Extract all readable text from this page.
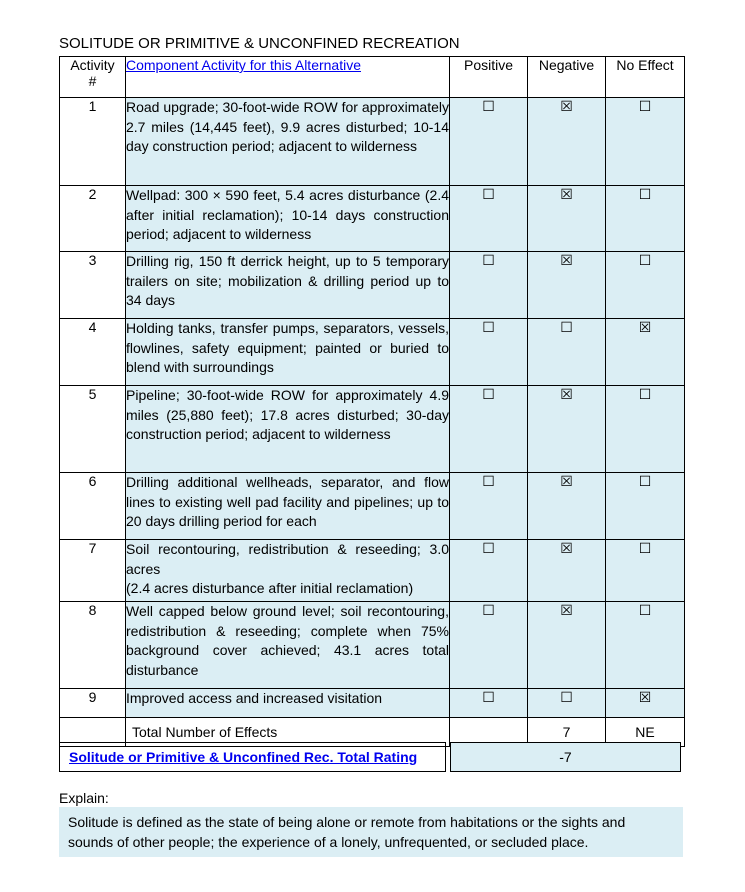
SOLITUDE OR PRIMITIVE & UNCONFINED RECREATION
Activity
#	Component Activity for this Alternative	Positive	Negative	No Effect
1	Road upgrade; 30-foot-wide ROW for approximately 2.7 miles (14,445 feet), 9.9 acres disturbed; 10-14 day construction period; adjacent to wilderness	☐	☒	☐
2	Wellpad: 300 × 590 feet, 5.4 acres disturbance (2.4 after initial reclamation); 10-14 days construction period; adjacent to wilderness	☐	☒	☐
3	Drilling rig, 150 ft derrick height, up to 5 temporary trailers on site; mobilization & drilling period up to 34 days	☐	☒	☐
4	Holding tanks, transfer pumps, separators, vessels, flowlines, safety equipment; painted or buried to blend with surroundings	☐	☐	☒
5	Pipeline; 30-foot-wide ROW for approximately 4.9 miles (25,880 feet); 17.8 acres disturbed; 30-day construction period; adjacent to wilderness	☐	☒	☐
6	Drilling additional wellheads, separator, and flow lines to existing well pad facility and pipelines; up to 20 days drilling period for each	☐	☒	☐
7	Soil recontouring, redistribution & reseeding; 3.0 acres
(2.4 acres disturbance after initial reclamation)	☐	☒	☐
8	Well capped below ground level; soil recontouring, redistribution & reseeding; complete when 75% background cover achieved; 43.1 acres total disturbance	☐	☒	☐
9	Improved access and increased visitation	☐	☐	☒
	Total Number of Effects		7	NE
Solitude or Primitive & Unconfined Rec. Total Rating	-7
Explain:
Solitude is defined as the state of being alone or remote from habitations or the sights and sounds of other people; the experience of a lonely, unfrequented, or secluded place.
